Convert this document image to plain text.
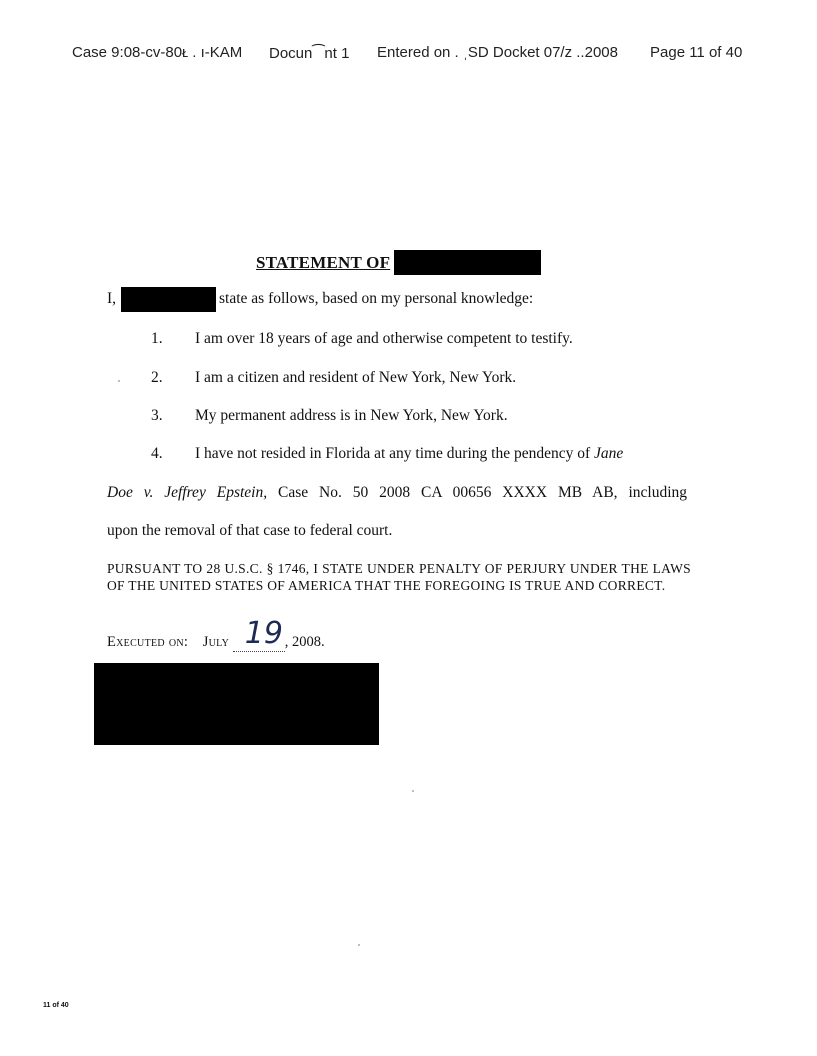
Case 9:08-cv-80ᴌ . ı-KAM Docun⁀nt 1 Entered on . ˌSD Docket 07/ᴢ ..2008 Page 11 of 40
STATEMENT OF
I,	state as follows, based on my personal knowledge:
1. I am over 18 years of age and otherwise competent to testify.
2. I am a citizen and resident of New York, New York.
3. My permanent address is in New York, New York.
4. I have not resided in Florida at any time during the pendency of Jane
Doe v. Jeffrey Epstein, Case No. 50 2008 CA 00656 XXXX MB AB, including
upon the removal of that case to federal court.
PURSUANT TO 28 U.S.C. § 1746, I STATE UNDER PENALTY OF PERJURY UNDER THE LAWS OF THE UNITED STATES OF AMERICA THAT THE FOREGOING IS TRUE AND CORRECT.
Executed on: July 19 , 2008.
11 of 40
